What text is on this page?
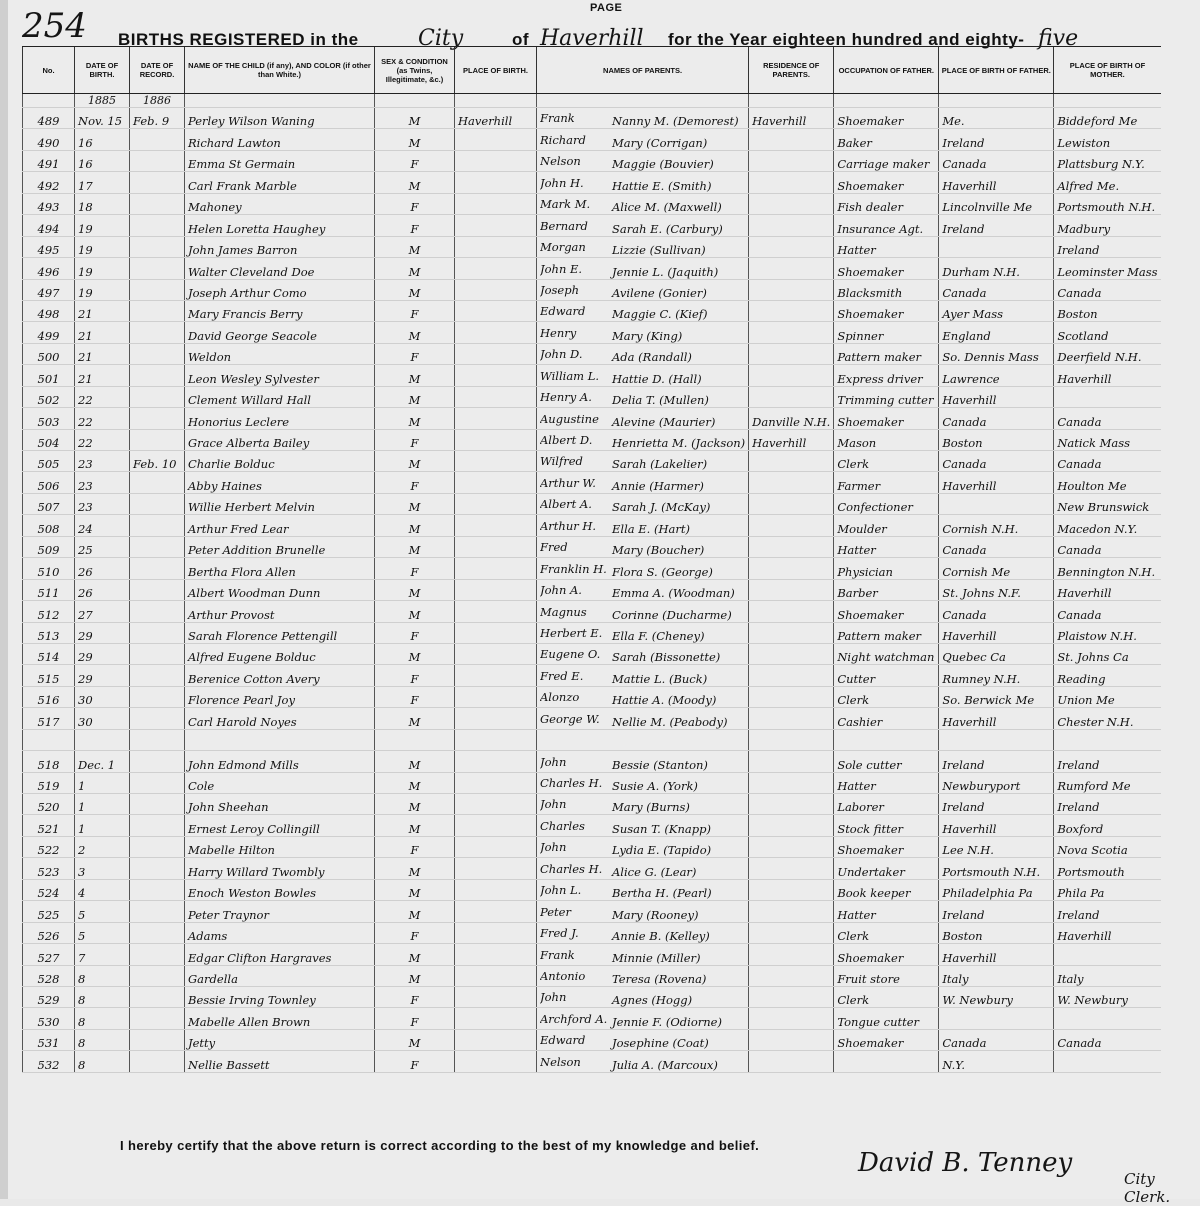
254	PAGE
BIRTHS REGISTERED in the	City	of Haverhill for the Year eighteen hundred and eighty- five
No.	DATE OF BIRTH.	DATE OF RECORD.	NAME OF THE CHILD (if any), AND COLOR (if other than White.)	SEX & CONDITION (as Twins, Illegitimate, &c.)	PLACE OF BIRTH.	NAMES OF PARENTS.	RESIDENCE OF PARENTS.	OCCUPATION OF FATHER.	PLACE OF BIRTH OF FATHER.	PLACE OF BIRTH OF MOTHER.
	1885	1886								
489	Nov. 15	Feb. 9	Perley Wilson Waning	M	Haverhill	Frank Nanny M. (Demorest)	Haverhill	Shoemaker	Me.	Biddeford Me
490	16		Richard Lawton	M		Richard Mary (Corrigan)		Baker	Ireland	Lewiston
491	16		Emma St Germain	F		Nelson Maggie (Bouvier)		Carriage maker	Canada	Plattsburg N.Y.
492	17		Carl Frank Marble	M		John H. Hattie E. (Smith)		Shoemaker	Haverhill	Alfred Me.
493	18		Mahoney	F		Mark M. Alice M. (Maxwell)		Fish dealer	Lincolnville Me	Portsmouth N.H.
494	19		Helen Loretta Haughey	F		Bernard Sarah E. (Carbury)		Insurance Agt.	Ireland	Madbury
495	19		John James Barron	M		Morgan Lizzie (Sullivan)		Hatter		Ireland
496	19		Walter Cleveland Doe	M		John E. Jennie L. (Jaquith)		Shoemaker	Durham N.H.	Leominster Mass
497	19		Joseph Arthur Como	M		Joseph Avilene (Gonier)		Blacksmith	Canada	Canada
498	21		Mary Francis Berry	F		Edward Maggie C. (Kief)		Shoemaker	Ayer Mass	Boston
499	21		David George Seacole	M		Henry Mary (King)		Spinner	England	Scotland
500	21		Weldon	F		John D. Ada (Randall)		Pattern maker	So. Dennis Mass	Deerfield N.H.
501	21		Leon Wesley Sylvester	M		William L. Hattie D. (Hall)		Express driver	Lawrence	Haverhill
502	22		Clement Willard Hall	M		Henry A. Delia T. (Mullen)		Trimming cutter	Haverhill	
503	22		Honorius Leclere	M		Augustine Alevine (Maurier)	Danville N.H.	Shoemaker	Canada	Canada
504	22		Grace Alberta Bailey	F		Albert D. Henrietta M. (Jackson)	Haverhill	Mason	Boston	Natick Mass
505	23	Feb. 10	Charlie Bolduc	M		Wilfred Sarah (Lakelier)		Clerk	Canada	Canada
506	23		Abby Haines	F		Arthur W. Annie (Harmer)		Farmer	Haverhill	Houlton Me
507	23		Willie Herbert Melvin	M		Albert A. Sarah J. (McKay)		Confectioner		New Brunswick
508	24		Arthur Fred Lear	M		Arthur H. Ella E. (Hart)		Moulder	Cornish N.H.	Macedon N.Y.
509	25		Peter Addition Brunelle	M		Fred Mary (Boucher)		Hatter	Canada	Canada
510	26		Bertha Flora Allen	F		Franklin H. Flora S. (George)		Physician	Cornish Me	Bennington N.H.
511	26		Albert Woodman Dunn	M		John A. Emma A. (Woodman)		Barber	St. Johns N.F.	Haverhill
512	27		Arthur Provost	M		Magnus Corinne (Ducharme)		Shoemaker	Canada	Canada
513	29		Sarah Florence Pettengill	F		Herbert E. Ella F. (Cheney)		Pattern maker	Haverhill	Plaistow N.H.
514	29		Alfred Eugene Bolduc	M		Eugene O. Sarah (Bissonette)		Night watchman	Quebec Ca	St. Johns Ca
515	29		Berenice Cotton Avery	F		Fred E. Mattie L. (Buck)		Cutter	Rumney N.H.	Reading
516	30		Florence Pearl Joy	F		Alonzo Hattie A. (Moody)		Clerk	So. Berwick Me	Union Me
517	30		Carl Harold Noyes	M		George W. Nellie M. (Peabody)		Cashier	Haverhill	Chester N.H.

518	Dec. 1		John Edmond Mills	M		John Bessie (Stanton)		Sole cutter	Ireland	Ireland
519	1		Cole	M		Charles H. Susie A. (York)		Hatter	Newburyport	Rumford Me
520	1		John Sheehan	M		John Mary (Burns)		Laborer	Ireland	Ireland
521	1		Ernest Leroy Collingill	M		Charles Susan T. (Knapp)		Stock fitter	Haverhill	Boxford
522	2		Mabelle Hilton	F		John Lydia E. (Tapido)		Shoemaker	Lee N.H.	Nova Scotia
523	3		Harry Willard Twombly	M		Charles H. Alice G. (Lear)		Undertaker	Portsmouth N.H.	Portsmouth
524	4		Enoch Weston Bowles	M		John L. Bertha H. (Pearl)		Book keeper	Philadelphia Pa	Phila Pa
525	5		Peter Traynor	M		Peter Mary (Rooney)		Hatter	Ireland	Ireland
526	5		Adams	F		Fred J. Annie B. (Kelley)		Clerk	Boston	Haverhill
527	7		Edgar Clifton Hargraves	M		Frank Minnie (Miller)		Shoemaker	Haverhill	
528	8		Gardella	M		Antonio Teresa (Rovena)		Fruit store	Italy	Italy
529	8		Bessie Irving Townley	F		John Agnes (Hogg)		Clerk	W. Newbury	W. Newbury
530	8		Mabelle Allen Brown	F		Archford A. Jennie F. (Odiorne)		Tongue cutter		
531	8		Jetty	M		Edward Josephine (Coat)		Shoemaker	Canada	Canada
532	8		Nellie Bassett	F		Nelson Julia A. (Marcoux)			N.Y.	
I hereby certify that the above return is correct according to the best of my knowledge and belief.
David B. Tenney
City Clerk.
